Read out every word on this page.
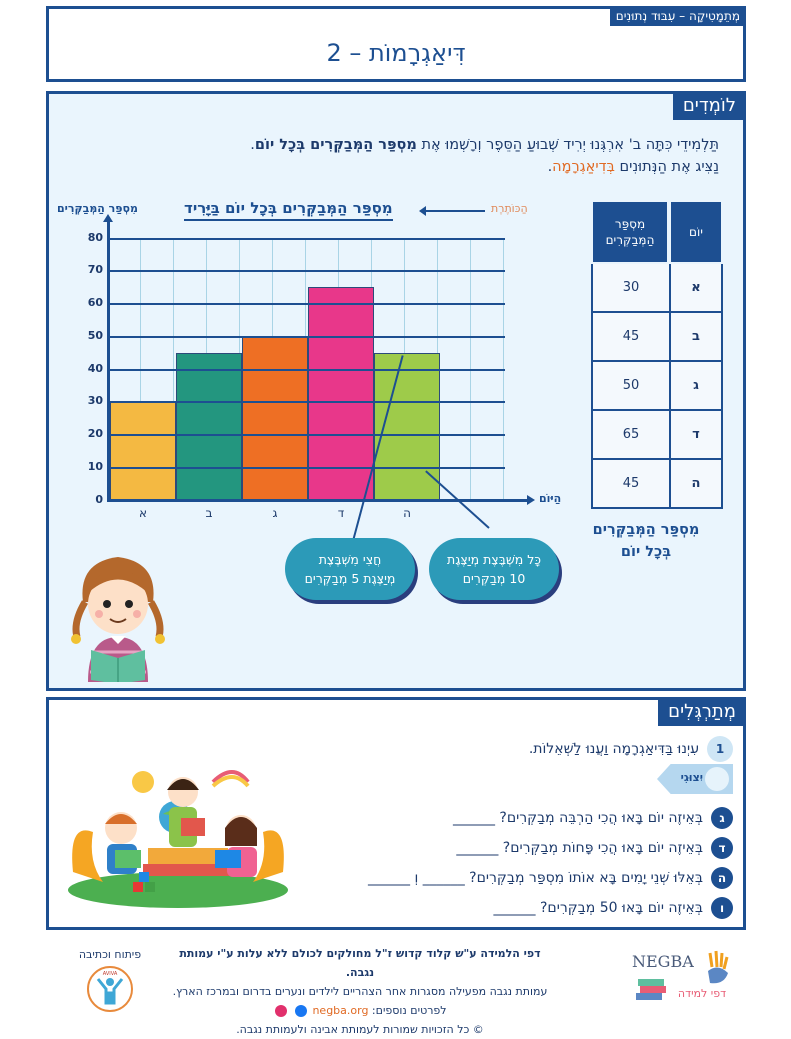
מְתֵמָטִיקָה – עִבּוּד נְתוּנִים
דִּיאַגְרָמוֹת – 2
לוֹמְדִים
תַּלְמִידֵי כִּתָּה ב' אִרְגְּנוּ יְרִיד שְׁבוּעַ הַסֵּפֶר וְרָשְׁמוּ אֶת מִסְפַּר הַמְּבַקְּרִים בְּכָל יוֹם.
נַצִּיג אֶת הַנְּתוּנִים בְּדִיאַגְרָמָה.
מִסְפַּר הַמְּבַקְּרִים	מִסְפַּר הַמְּבַקְּרִים בְּכָל יוֹם בַּיָּרִיד	הַכּוֹתֶרֶת
0
10
20
30
40
50
60
70
80
א	ב	ג	ד	ה
הַיּוֹם
חֲצִי מִשְׁבֶּצֶת
מְיַצֶּגֶת 5 מְבַקְּרִים
כָּל מִשְׁבֶּצֶת מְיַצֶּגֶת
10 מְבַקְּרִים
יוֹם	מִסְפַּר הַמְּבַקְּרִים
א	30
ב	45
ג	50
ד	65
ה	45
מִסְפַּר הַמְּבַקְּרִים
בְּכָל יוֹם
מְתַרְגְּלִים
1
עִיְנוּ בַּדִּיאַגְרָמָה וַעֲנוּ לַשְּׁאֵלוֹת.
יִצוּגִי
ג
בְּאֵיזֶה יוֹם בָּאוּ הֲכִי הַרְבֵּה מְבַקְּרִים? ______
ד
בְּאֵיזֶה יוֹם בָּאוּ הֲכִי פָּחוֹת מְבַקְּרִים? ______
ה
בְּאֵלּוּ שְׁנֵי יָמִים בָּא אוֹתוֹ מִסְפַּר מְבַקְּרִים? ______ וְ ______
ו
בְּאֵיזֶה יוֹם בָּאוּ 50 מְבַקְּרִים? ______
דפי הלמידה ע"ש קלוד קדוש ז"ל מחולקים לכולם ללא עלות ע"י עמותת נגבה.
עמותת נגבה מפעילה מסגרות אחר הצהריים לילדים ונערים בדרום ובמרכז הארץ.
לפרטים נוספים: negba.org
© כל הזכויות שמורות לעמותת אבינה ולעמותת נגבה.
פיתוח וכתיבה
AVIVA
NEGBA
דפי למידה
